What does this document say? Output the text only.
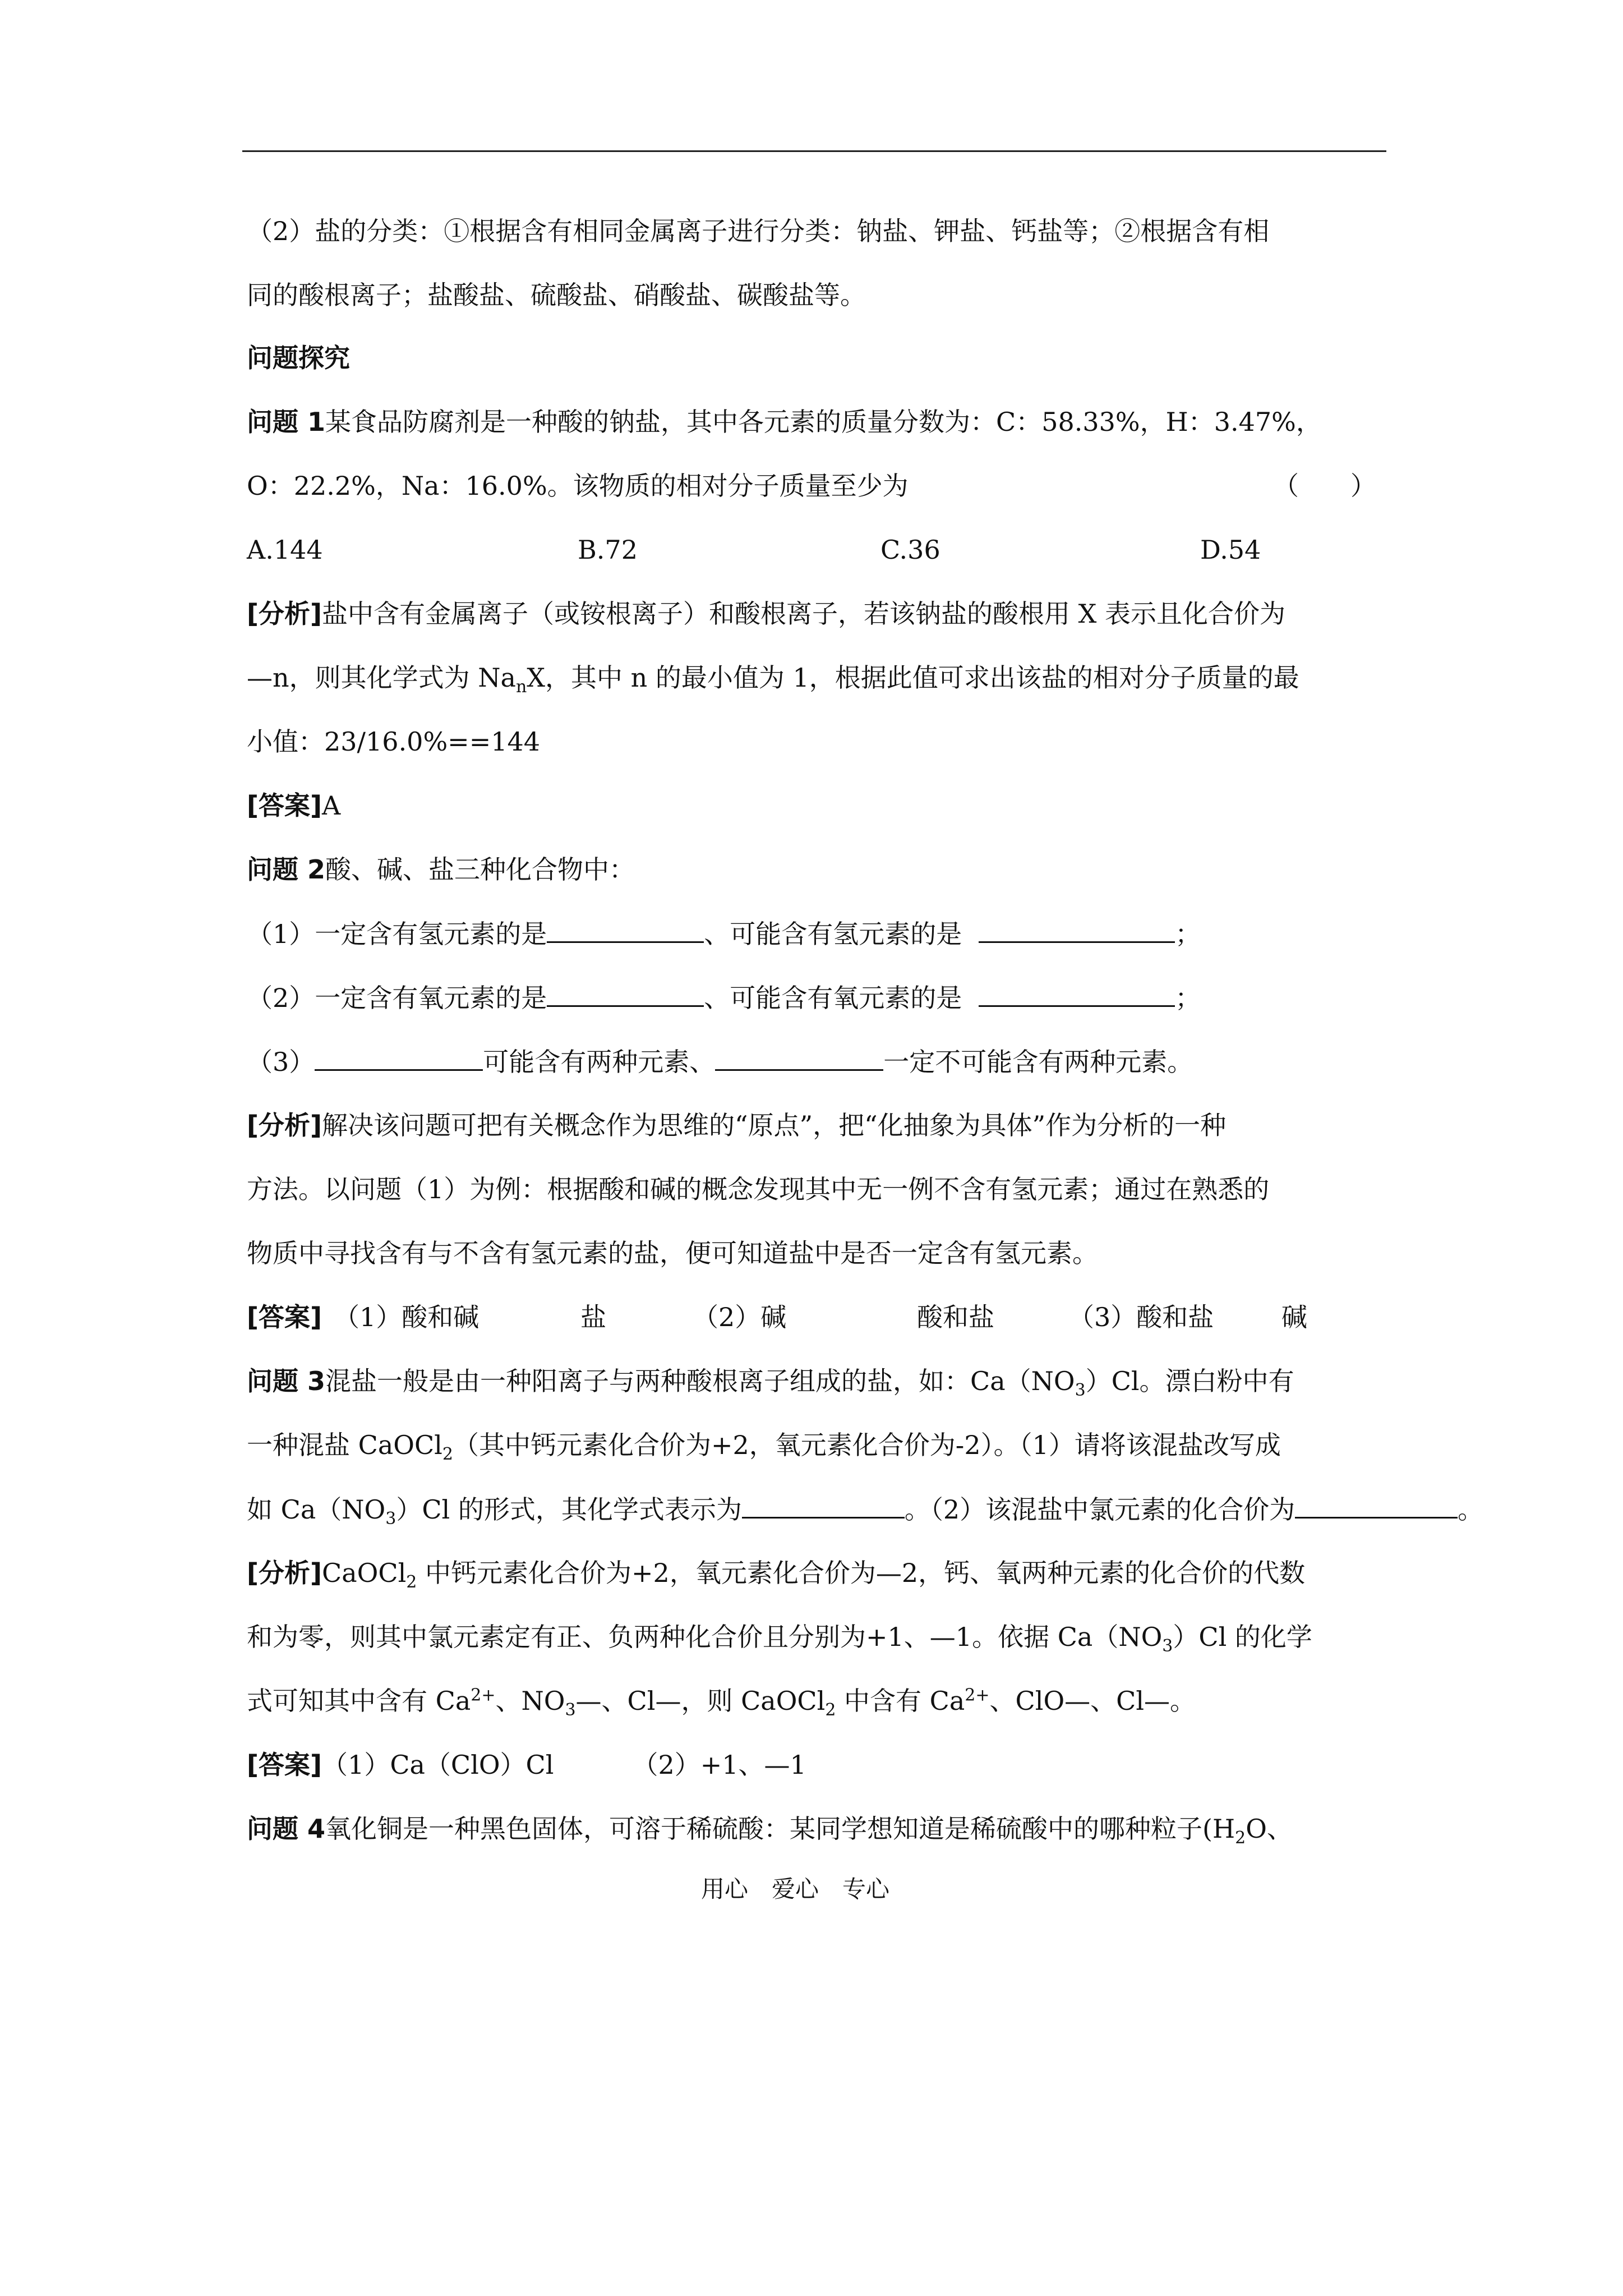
（2）盐的分类：①根据含有相同金属离子进行分类：钠盐、钾盐、钙盐等；②根据含有相
同的酸根离子；盐酸盐、硫酸盐、硝酸盐、碳酸盐等。
问题探究
问题 1某食品防腐剂是一种酸的钠盐，其中各元素的质量分数为：C：58.33%，H：3.47%，
O：22.2%，Na：16.0%。该物质的相对分子质量至少为	（　　）
A.144	B.72	C.36	D.54
[分析]盐中含有金属离子（或铵根离子）和酸根离子，若该钠盐的酸根用 X 表示且化合价为
—n，则其化学式为 $Na_nX$，其中 n 的最小值为 1，根据此值可求出该盐的相对分子质量的最
小值：23/16.0%==144
[答案]A
问题 2酸、碱、盐三种化合物中：
（1）一定含有氢元素的是	、可能含有氢元素的是	；
（2）一定含有氧元素的是	、可能含有氧元素的是	；
（3）	可能含有两种元素、	一定不可能含有两种元素。
[分析]解决该问题可把有关概念作为思维的“原点”，把“化抽象为具体”作为分析的一种
方法。以问题（1）为例：根据酸和碱的概念发现其中无一例不含有氢元素；通过在熟悉的
物质中寻找含有与不含有氢元素的盐，便可知道盐中是否一定含有氢元素。
[答案] （1）酸和碱	盐	（2）碱	酸和盐	（3）酸和盐	碱
问题 3混盐一般是由一种阳离子与两种酸根离子组成的盐，如：$Ca(NO_3)Cl$。漂白粉中有
一种混盐 CaOCl$_2$（其中钙元素化合价为+2，氧元素化合价为-2）。（1）请将该混盐改写成
如 $Ca(NO_3)Cl$ 的形式，其化学式表示为	。（2）该混盐中氯元素的化合价为	。
[分析]CaOCl$_2$ 中钙元素化合价为+2，氧元素化合价为—2，钙、氧两种元素的化合价的代数
和为零，则其中氯元素定有正、负两种化合价且分别为+1、—1。依据 $Ca(NO_3)Cl$ 的化学
式可知其中含有 $Ca^{2+}$、$NO_3—$、Cl—，则 CaOCl$_2$ 中含有 $Ca^{2+}$、ClO—、Cl—。
[答案]（1）Ca（ClO）Cl	（2）+1、—1
问题 4氧化铜是一种黑色固体，可溶于稀硫酸：某同学想知道是稀硫酸中的哪种粒子($H_2O$、
用心　爱心　专心
